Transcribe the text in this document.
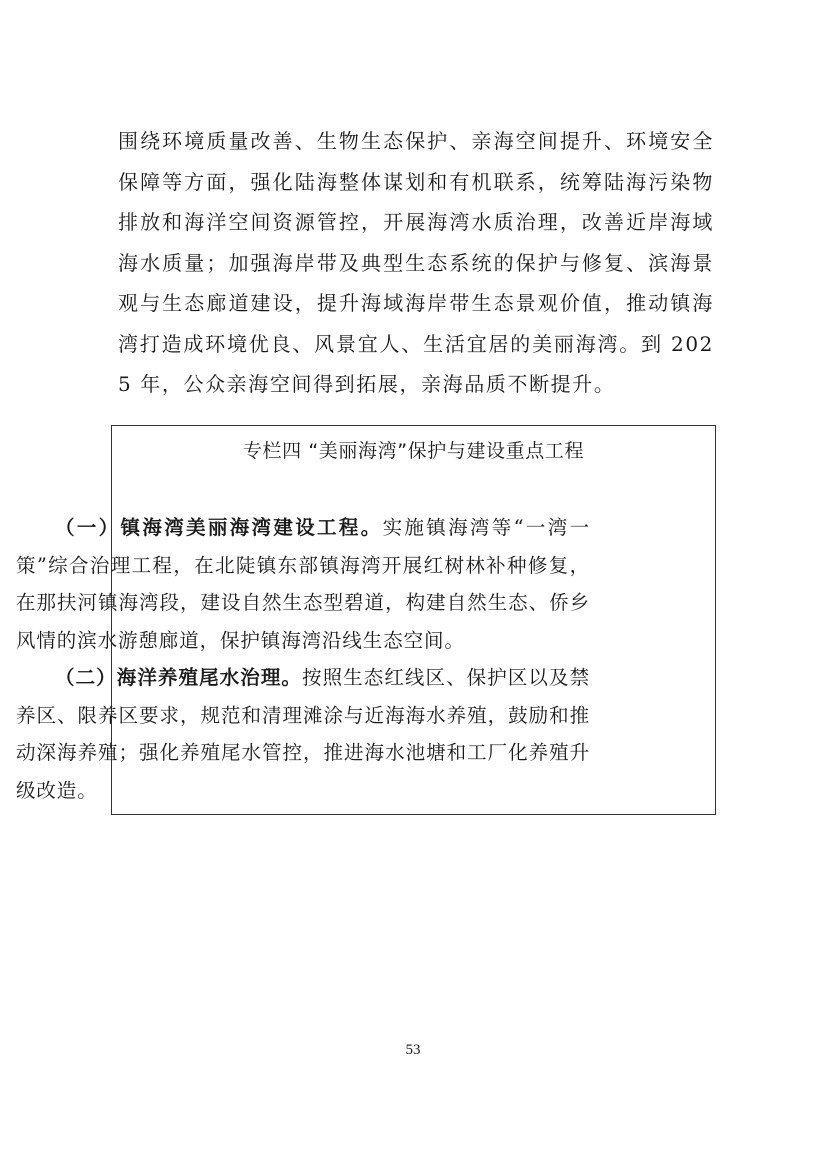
围绕环境质量改善、生物生态保护、亲海空间提升、环境安全保障等方面，强化陆海整体谋划和有机联系，统筹陆海污染物排放和海洋空间资源管控，开展海湾水质治理，改善近岸海域海水质量；加强海岸带及典型生态系统的保护与修复、滨海景观与生态廊道建设，提升海域海岸带生态景观价值，推动镇海湾打造成环境优良、风景宜人、生活宜居的美丽海湾。到 2025 年，公众亲海空间得到拓展，亲海品质不断提升。

专栏四 “美丽海湾”保护与建设重点工程

（一）镇海湾美丽海湾建设工程。实施镇海湾等“一湾一策”综合治理工程，在北陡镇东部镇海湾开展红树林补种修复，在那扶河镇海湾段，建设自然生态型碧道，构建自然生态、侨乡风情的滨水游憩廊道，保护镇海湾沿线生态空间。

（二）海洋养殖尾水治理。按照生态红线区、保护区以及禁养区、限养区要求，规范和清理滩涂与近海海水养殖，鼓励和推动深海养殖；强化养殖尾水管控，推进海水池塘和工厂化养殖升级改造。

53
